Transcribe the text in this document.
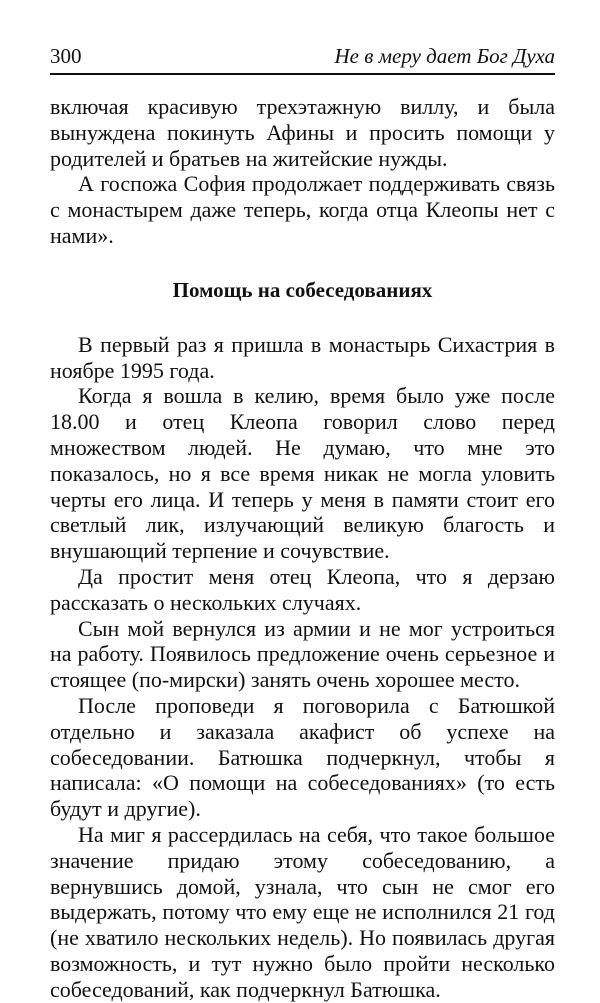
300	Не в меру дает Бог Духа

включая красивую трехэтажную виллу, и была вынуждена покинуть Афины и просить помощи у родителей и братьев на житейские нужды.

А госпожа София продолжает поддерживать связь с монастырем даже теперь, когда отца Клеопы нет с нами».

Помощь на собеседованиях

В первый раз я пришла в монастырь Сихастрия в ноябре 1995 года.

Когда я вошла в келию, время было уже после 18.00 и отец Клеопа говорил слово перед множеством людей. Не думаю, что мне это показалось, но я все время никак не могла уловить черты его лица. И теперь у меня в памяти стоит его светлый лик, излучающий великую благость и внушающий терпение и сочувствие.

Да простит меня отец Клеопа, что я дерзаю рассказать о нескольких случаях.

Сын мой вернулся из армии и не мог устроиться на работу. Появилось предложение очень серьезное и стоящее (по-мирски) занять очень хорошее место.

После проповеди я поговорила с Батюшкой отдельно и заказала акафист об успехе на собеседовании. Батюшка подчеркнул, чтобы я написала: «О помощи на собеседованиях» (то есть будут и другие).

На миг я рассердилась на себя, что такое большое значение придаю этому собеседованию, а вернувшись домой, узнала, что сын не смог его выдержать, потому что ему еще не исполнился 21 год (не хватило нескольких недель). Но появилась другая возможность, и тут нужно было пройти несколько собеседований, как подчеркнул Батюшка.
